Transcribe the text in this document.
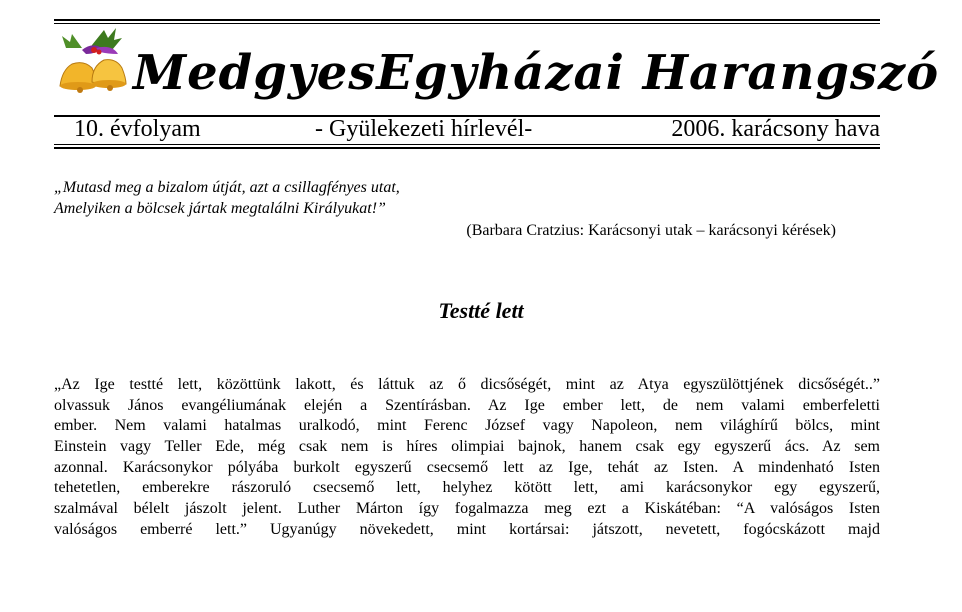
MedgyesEgyházai Harangszó
10. évfolyam	- Gyülekezeti hírlevél-	2006. karácsony hava
„Mutasd meg a bizalom útját, azt a csillagfényes utat,
Amelyiken a bölcsek jártak megtalálni Királyukat!”
(Barbara Cratzius: Karácsonyi utak – karácsonyi kérések)
Testté lett
„Az Ige testté lett, közöttünk lakott, és láttuk az ő dicsőségét, mint az Atya egyszülöttjének dicsőségét..”
olvassuk János evangéliumának elején a Szentírásban. Az Ige ember lett, de nem valami emberfeletti
ember. Nem valami hatalmas uralkodó, mint Ferenc József vagy Napoleon, nem világhírű bölcs, mint
Einstein vagy Teller Ede, még csak nem is híres olimpiai bajnok, hanem csak egy egyszerű ács. Az sem
azonnal. Karácsonykor pólyába burkolt egyszerű csecsemő lett az Ige, tehát az Isten. A mindenható Isten
tehetetlen, emberekre rászoruló csecsemő lett, helyhez kötött lett, ami karácsonykor egy egyszerű,
szalmával bélelt jászolt jelent. Luther Márton így fogalmazza meg ezt a Kiskátéban: “A valóságos Isten
valóságos emberré lett.” Ugyanúgy növekedett, mint kortársai: játszott, nevetett, fogócskázott majd
